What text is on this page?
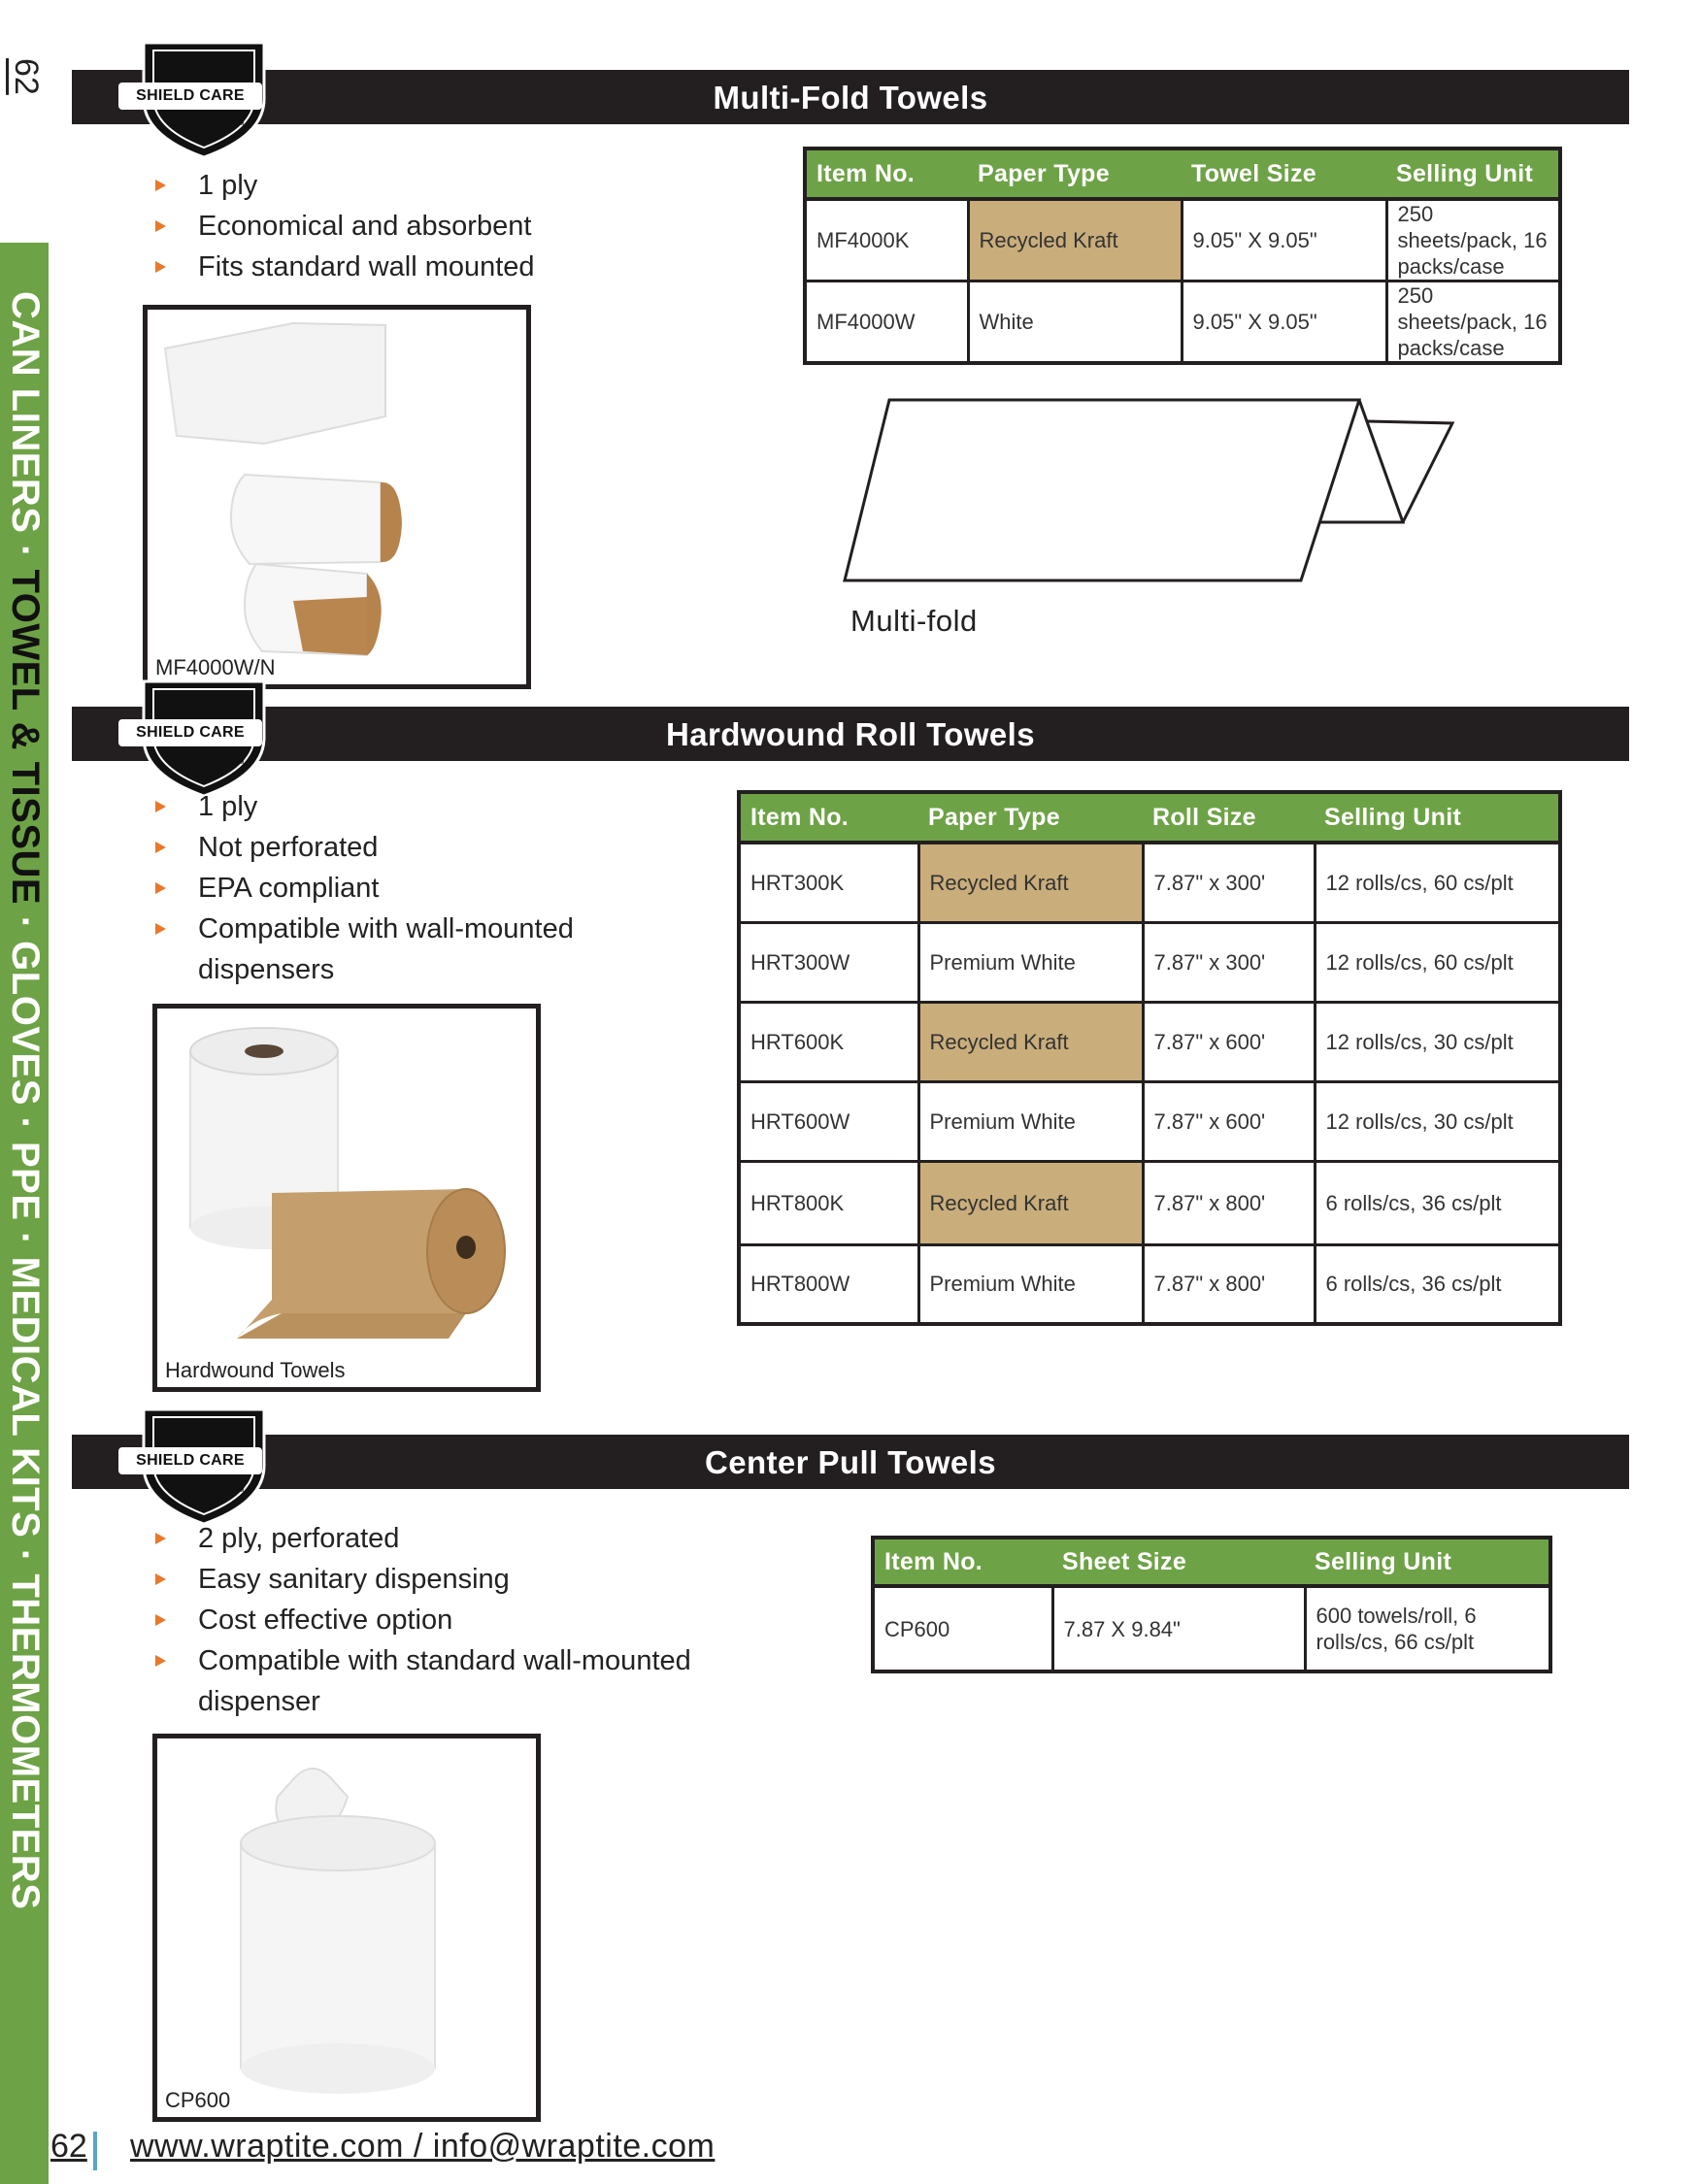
62
CAN LINERS · TOWEL & TISSUE · GLOVES · PPE · MEDICAL KITS · THERMOMETERS
Multi-Fold Towels
SHIELD CARE
™
1 ply
Economical and absorbent
Fits standard wall mounted
MF4000W/N
Item No.	Paper Type	Towel Size	Selling Unit
MF4000K	Recycled Kraft	9.05" X 9.05"	250 sheets/pack, 16 packs/case
MF4000W	White	9.05" X 9.05"	250 sheets/pack, 16 packs/case
Multi-fold
Hardwound Roll Towels
SHIELD CARE
™
1 ply
Not perforated
EPA compliant
Compatible with wall-mounted dispensers
Hardwound Towels
Item No.	Paper Type	Roll Size	Selling Unit
HRT300K	Recycled Kraft	7.87" x 300'	12 rolls/cs, 60 cs/plt
HRT300W	Premium White	7.87" x 300'	12 rolls/cs, 60 cs/plt
HRT600K	Recycled Kraft	7.87" x 600'	12 rolls/cs, 30 cs/plt
HRT600W	Premium White	7.87" x 600'	12 rolls/cs, 30 cs/plt
HRT800K	Recycled Kraft	7.87" x 800'	6 rolls/cs, 36 cs/plt
HRT800W	Premium White	7.87" x 800'	6 rolls/cs, 36 cs/plt
Center Pull Towels
SHIELD CARE
™
2 ply, perforated
Easy sanitary dispensing
Cost effective option
Compatible with standard wall-mounted dispenser
CP600
Item No.	Sheet Size	Selling Unit
CP600	7.87 X 9.84"	600 towels/roll, 6 rolls/cs, 66 cs/plt
62 www.wraptite.com / info@wraptite.com
